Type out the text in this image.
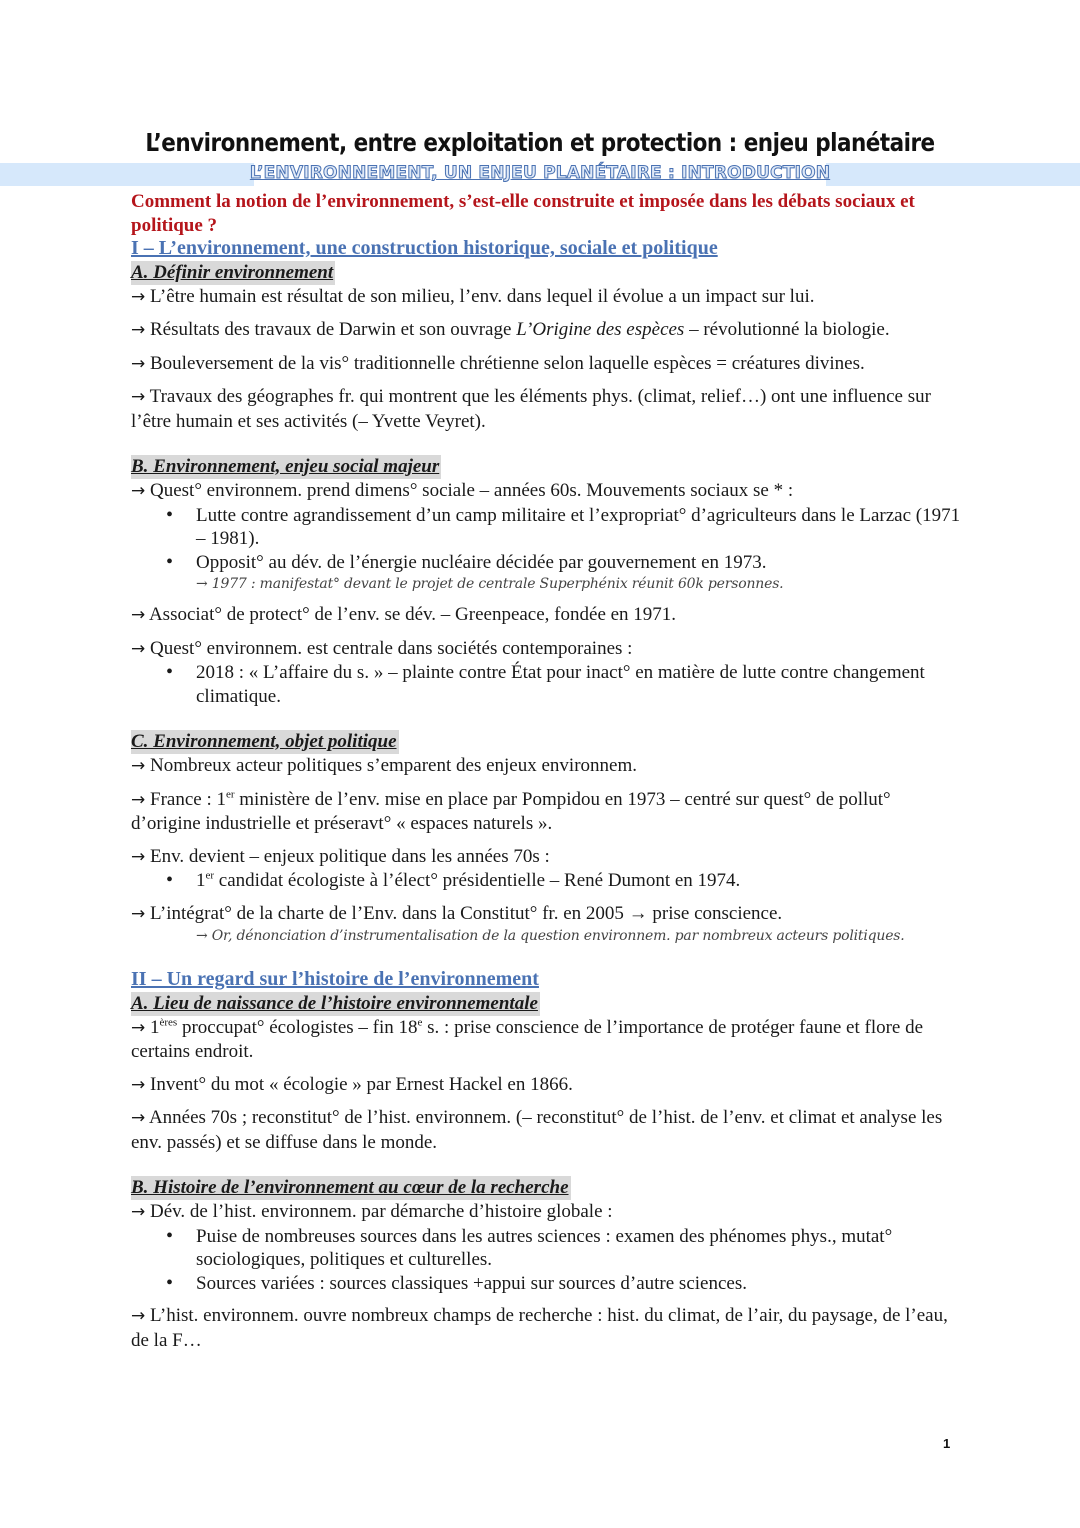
L’environnement, entre exploitation et protection : enjeu planétaire
L’ENVIRONNEMENT, UN ENJEU PLANÉTAIRE : INTRODUCTION

Comment la notion de l’environnement, s’est-elle construite et imposée dans les débats sociaux et politique ?

I – L’environnement, une construction historique, sociale et politique

A. Définir environnement

→ L’être humain est résultat de son milieu, l’env. dans lequel il évolue a un impact sur lui.

→ Résultats des travaux de Darwin et son ouvrage L’Origine des espèces – révolutionné la biologie.

→ Bouleversement de la vis° traditionnelle chrétienne selon laquelle espèces = créatures divines.

→ Travaux des géographes fr. qui montrent que les éléments phys. (climat, relief…) ont une influence sur l’être humain et ses activités (– Yvette Veyret).

B. Environnement, enjeu social majeur

→ Quest° environnem. prend dimens° sociale – années 60s. Mouvements sociaux se * :

• Lutte contre agrandissement d’un camp militaire et l’expropriat° d’agriculteurs dans le Larzac (1971 – 1981).
• Opposit° au dév. de l’énergie nucléaire décidée par gouvernement en 1973.

→ 1977 : manifestat° devant le projet de centrale Superphénix réunit 60k personnes.

→ Associat° de protect° de l’env. se dév. – Greenpeace, fondée en 1971.

→ Quest° environnem. est centrale dans sociétés contemporaines :

• 2018 : « L’affaire du s. » – plainte contre État pour inact° en matière de lutte contre changement climatique.

C. Environnement, objet politique

→ Nombreux acteur politiques s’emparent des enjeux environnem.

→ France : 1er ministère de l’env. mise en place par Pompidou en 1973 – centré sur quest° de pollut° d’origine industrielle et préseravt° « espaces naturels ».

→ Env. devient – enjeux politique dans les années 70s :

• 1er candidat écologiste à l’élect° présidentielle – René Dumont en 1974.

→ L’intégrat° de la charte de l’Env. dans la Constitut° fr. en 2005 → prise conscience.

→ Or, dénonciation d’instrumentalisation de la question environnem. par nombreux acteurs politiques.

II – Un regard sur l’histoire de l’environnement

A. Lieu de naissance de l’histoire environnementale

→ 1ères proccupat° écologistes – fin 18e s. : prise conscience de l’importance de protéger faune et flore de certains endroit.

→ Invent° du mot « écologie » par Ernest Hackel en 1866.

→ Années 70s ; reconstitut° de l’hist. environnem. (– reconstitut° de l’hist. de l’env. et climat et analyse les env. passés) et se diffuse dans le monde.

B. Histoire de l’environnement au cœur de la recherche

→ Dév. de l’hist. environnem. par démarche d’histoire globale :

• Puise de nombreuses sources dans les autres sciences : examen des phénomes phys., mutat° sociologiques, politiques et culturelles.
• Sources variées : sources classiques +appui sur sources d’autre sciences.

→ L’hist. environnem. ouvre nombreux champs de recherche : hist. du climat, de l’air, du paysage, de l’eau, de la F…

1
